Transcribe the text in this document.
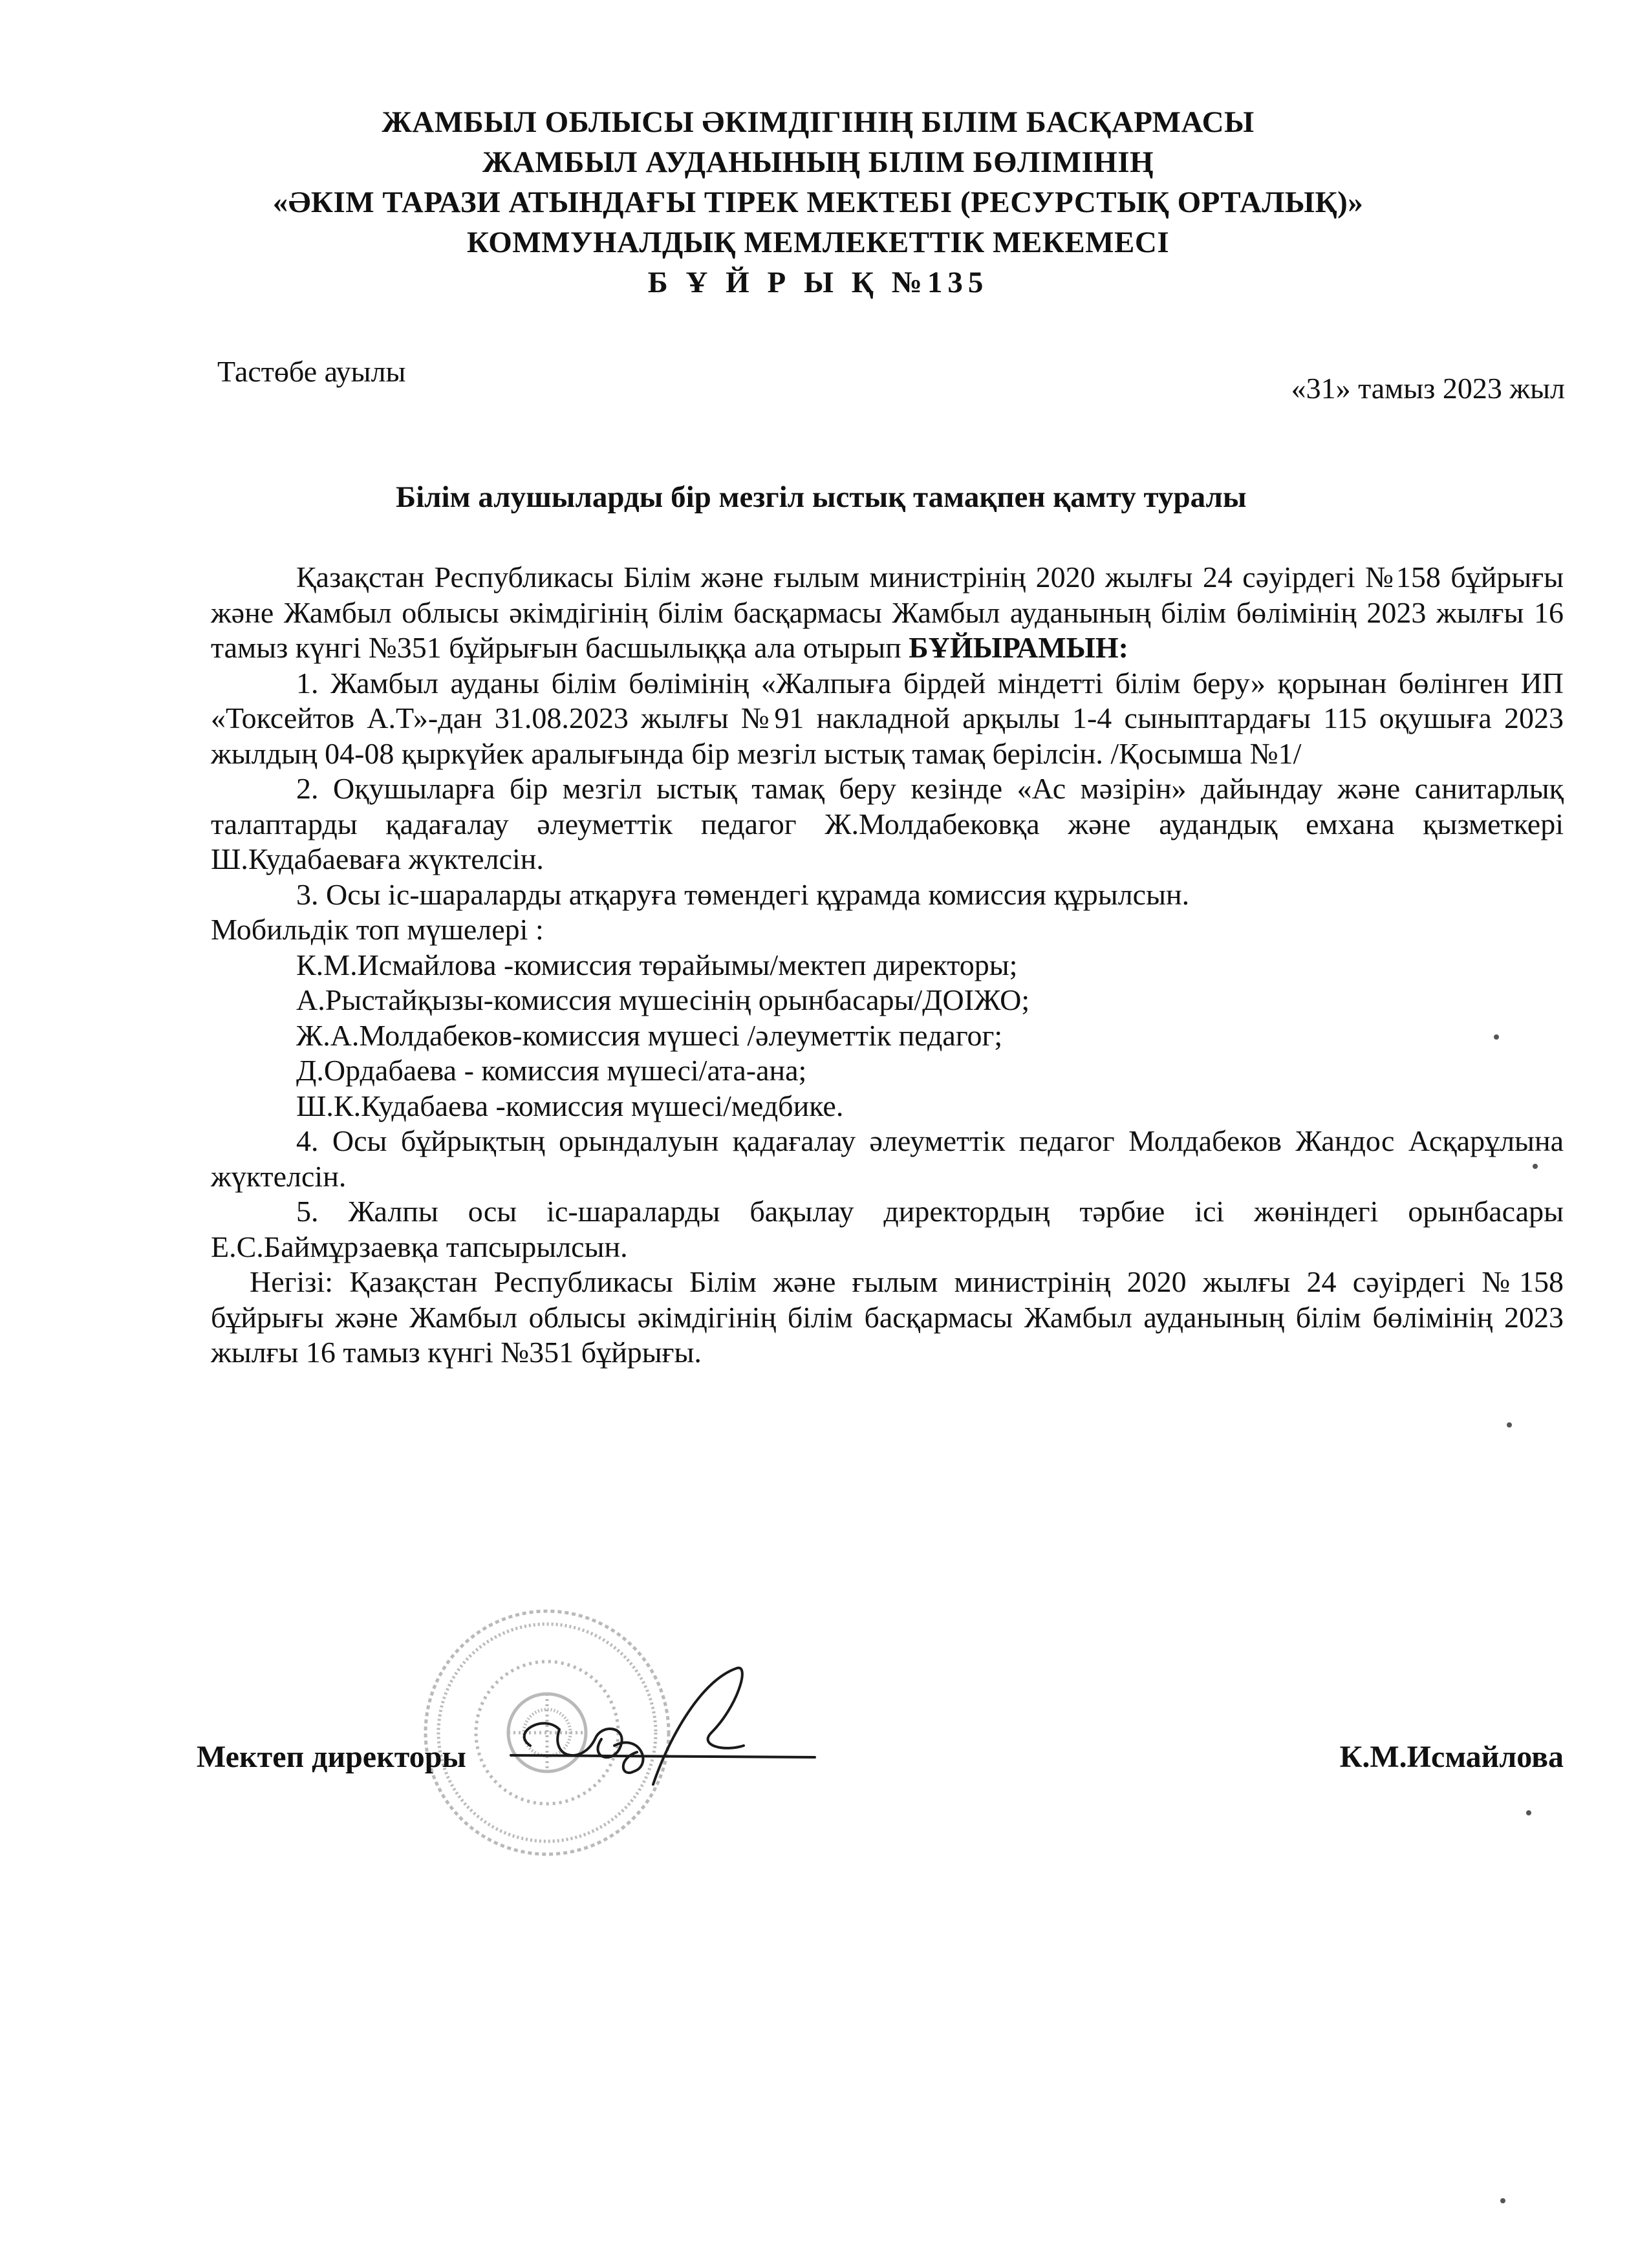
ЖАМБЫЛ ОБЛЫСЫ ӘКІМДІГІНІҢ БІЛІМ БАСҚАРМАСЫ
ЖАМБЫЛ АУДАНЫНЫҢ БІЛІМ БӨЛІМІНІҢ
«ӘКІМ ТАРАЗИ АТЫНДАҒЫ ТІРЕК МЕКТЕБІ (РЕСУРСТЫҚ ОРТАЛЫҚ)»
КОММУНАЛДЫҚ МЕМЛЕКЕТТІК МЕКЕМЕСІ
Б Ұ Й Р Ы Қ №135
Тастөбе ауылы
«31» тамыз 2023 жыл
Білім алушыларды бір мезгіл ыстық тамақпен қамту туралы

Қазақстан Республикасы Білім және ғылым министрінің 2020 жылғы 24 сәуірдегі №158 бұйрығы және Жамбыл облысы әкімдігінің білім басқармасы Жамбыл ауданының білім бөлімінің 2023 жылғы 16 тамыз күнгі №351 бұйрығын басшылыққа ала отырып БҰЙЫРАМЫН:

1. Жамбыл ауданы білім бөлімінің «Жалпыға бірдей міндетті білім беру» қорынан бөлінген ИП «Токсейтов А.Т»-дан 31.08.2023 жылғы №91 накладной арқылы 1-4 сыныптардағы 115 оқушыға 2023 жылдың 04-08 қыркүйек аралығында бір мезгіл ыстық тамақ берілсін. /Қосымша №1/

2. Оқушыларға бір мезгіл ыстық тамақ беру кезінде «Ас мәзірін» дайындау және санитарлық талаптарды қадағалау әлеуметтік педагог Ж.Молдабековқа және аудандық емхана қызметкері Ш.Кудабаеваға жүктелсін.

3. Осы іс-шараларды атқаруға төмендегі құрамда комиссия құрылсын.

Мобильдік топ мүшелері :

К.М.Исмайлова -комиссия төрайымы/мектеп директоры;

А.Рыстайқызы-комиссия мүшесінің орынбасары/ДОІЖО;

Ж.А.Молдабеков-комиссия мүшесі /әлеуметтік педагог;

Д.Ордабаева - комиссия мүшесі/ата-ана;

Ш.К.Кудабаева -комиссия мүшесі/медбике.

4. Осы бұйрықтың орындалуын қадағалау әлеуметтік педагог Молдабеков Жандос Асқарұлына жүктелсін.

5. Жалпы осы іс-шараларды бақылау директордың тәрбие ісі жөніндегі орынбасары Е.С.Баймұрзаевқа тапсырылсын.

Негізі: Қазақстан Республикасы Білім және ғылым министрінің 2020 жылғы 24 сәуірдегі №158 бұйрығы және Жамбыл облысы әкімдігінің білім басқармасы Жамбыл ауданының білім бөлімінің 2023 жылғы 16 тамыз күнгі №351 бұйрығы.

Мектеп директоры	К.М.Исмайлова
